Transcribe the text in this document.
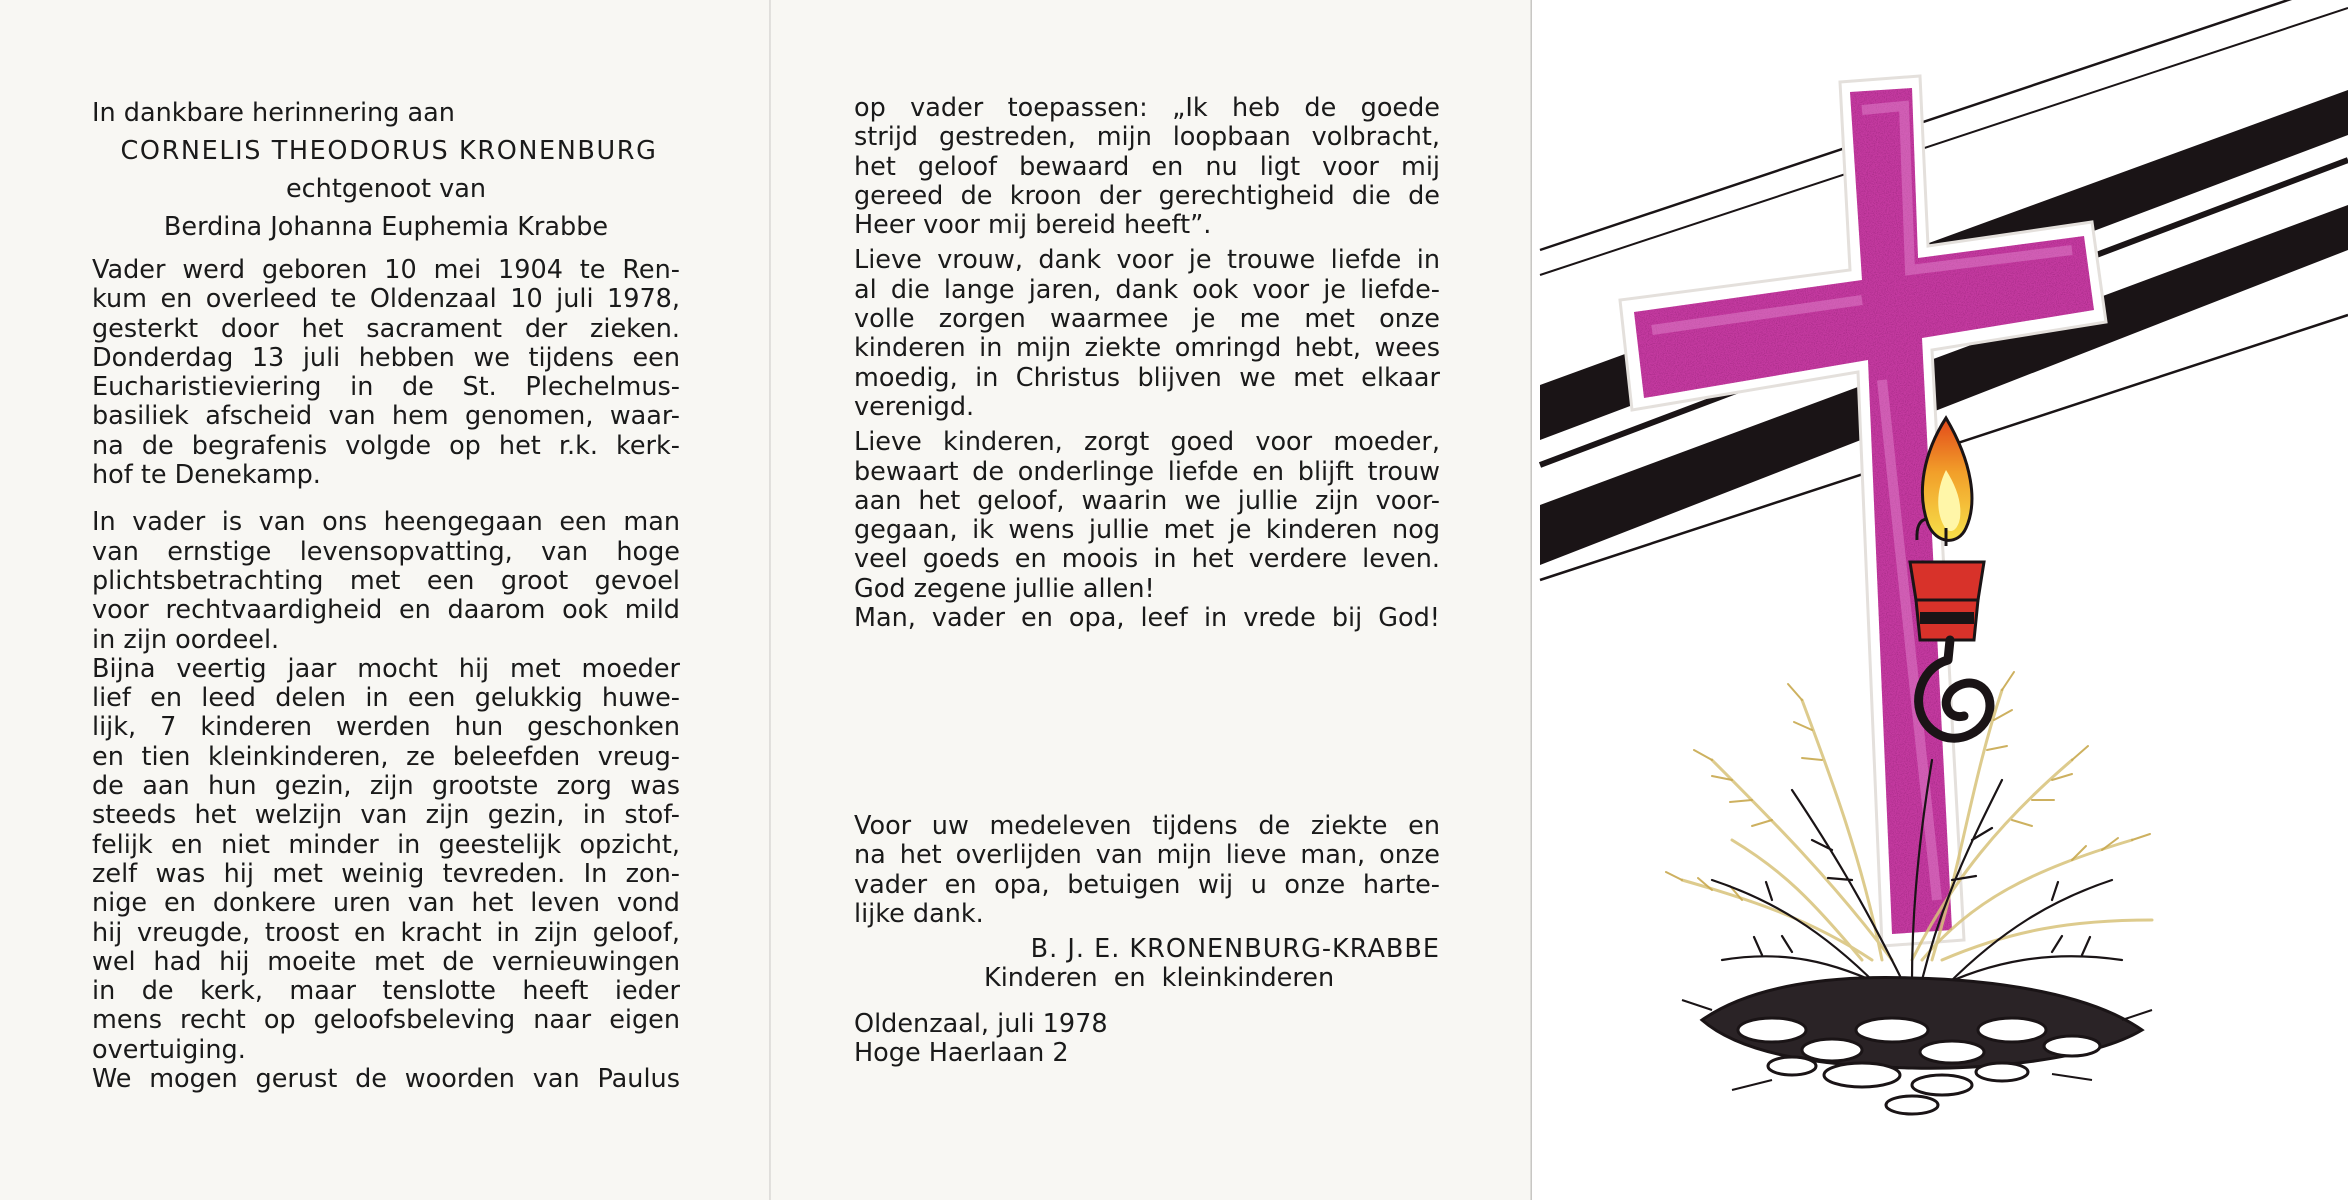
In dankbare herinnering aan
CORNELIS THEODORUS KRONENBURG
echtgenoot van
Berdina Johanna Euphemia Krabbe
Vader werd geboren 10 mei 1904 te Ren-
kum en overleed te Oldenzaal 10 juli 1978,
gesterkt door het sacrament der zieken.
Donderdag 13 juli hebben we tijdens een
Eucharistieviering in de St. Plechelmus-
basiliek afscheid van hem genomen, waar-
na de begrafenis volgde op het r.k. kerk-
hof te Denekamp.
In vader is van ons heengegaan een man
van ernstige levensopvatting, van hoge
plichtsbetrachting met een groot gevoel
voor rechtvaardigheid en daarom ook mild
in zijn oordeel.
Bijna veertig jaar mocht hij met moeder
lief en leed delen in een gelukkig huwe-
lijk, 7 kinderen werden hun geschonken
en tien kleinkinderen, ze beleefden vreug-
de aan hun gezin, zijn grootste zorg was
steeds het welzijn van zijn gezin, in stof-
felijk en niet minder in geestelijk opzicht,
zelf was hij met weinig tevreden. In zon-
nige en donkere uren van het leven vond
hij vreugde, troost en kracht in zijn geloof,
wel had hij moeite met de vernieuwingen
in de kerk, maar tenslotte heeft ieder
mens recht op geloofsbeleving naar eigen
overtuiging.
We mogen gerust de woorden van Paulus
op vader toepassen: „Ik heb de goede
strijd gestreden, mijn loopbaan volbracht,
het geloof bewaard en nu ligt voor mij
gereed de kroon der gerechtigheid die de
Heer voor mij bereid heeft”.
Lieve vrouw, dank voor je trouwe liefde in
al die lange jaren, dank ook voor je liefde-
volle zorgen waarmee je me met onze
kinderen in mijn ziekte omringd hebt, wees
moedig, in Christus blijven we met elkaar
verenigd.
Lieve kinderen, zorgt goed voor moeder,
bewaart de onderlinge liefde en blijft trouw
aan het geloof, waarin we jullie zijn voor-
gegaan, ik wens jullie met je kinderen nog
veel goeds en moois in het verdere leven.
God zegene jullie allen!
Man, vader en opa, leef in vrede bij God!
Voor uw medeleven tijdens de ziekte en
na het overlijden van mijn lieve man, onze
vader en opa, betuigen wij u onze harte-
lijke dank.
B. J. E. KRONENBURG-KRABBE
Kinderen en kleinkinderen
Oldenzaal, juli 1978
Hoge Haerlaan 2
